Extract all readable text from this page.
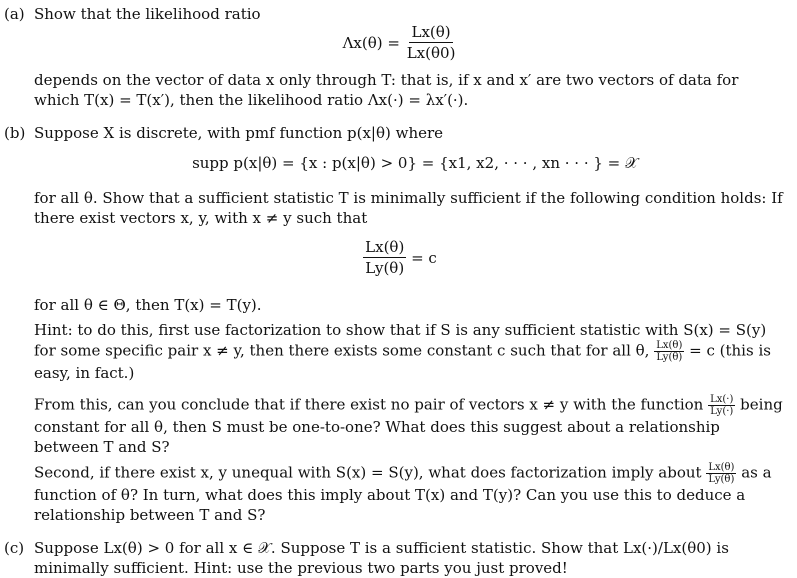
(a) Show that the likelihood ratio
$\Lambda x(\theta) = \frac{Lx(\theta)}{Lx(\theta 0)}$

depends on the vector of data x only through T: that is, if x and x′ are two vectors of data for which T(x) = T(x′), then the likelihood ratio Λx(·) = λx′(·).

(b) Suppose X is discrete, with pmf function p(x|θ) where
supp p(x|θ) = {x : p(x|θ) > 0} = {x1, x2, · · · , xn · · · } = 𝒳

for all θ. Show that a sufficient statistic T is minimally sufficient if the following condition holds: If there exist vectors x, y, with x ≠ y such that

$\frac{Lx(\theta)}{Ly(\theta)} = c$

for all θ ∈ Θ, then T(x) = T(y).

Hint: to do this, first use factorization to show that if S is any sufficient statistic with S(x) = S(y) for some specific pair x ≠ y, then there exists some constant c such that for all θ, $\frac{Lx(\theta)}{Ly(\theta)} = c$ (this is easy, in fact.)

From this, can you conclude that if there exist no pair of vectors x ≠ y with the function $\frac{Lx(\cdot)}{Ly(\cdot)}$ being constant for all θ, then S must be one-to-one? What does this suggest about a relationship between T and S?

Second, if there exist x, y unequal with S(x) = S(y), what does factorization imply about $\frac{Lx(\theta)}{Ly(\theta)}$ as a function of θ? In turn, what does this imply about T(x) and T(y)? Can you use this to deduce a relationship between T and S?

(c) Suppose Lx(θ) > 0 for all x ∈ 𝒳. Suppose T is a sufficient statistic. Show that Lx(·)/Lx(θ0) is minimally sufficient. Hint: use the previous two parts you just proved!
